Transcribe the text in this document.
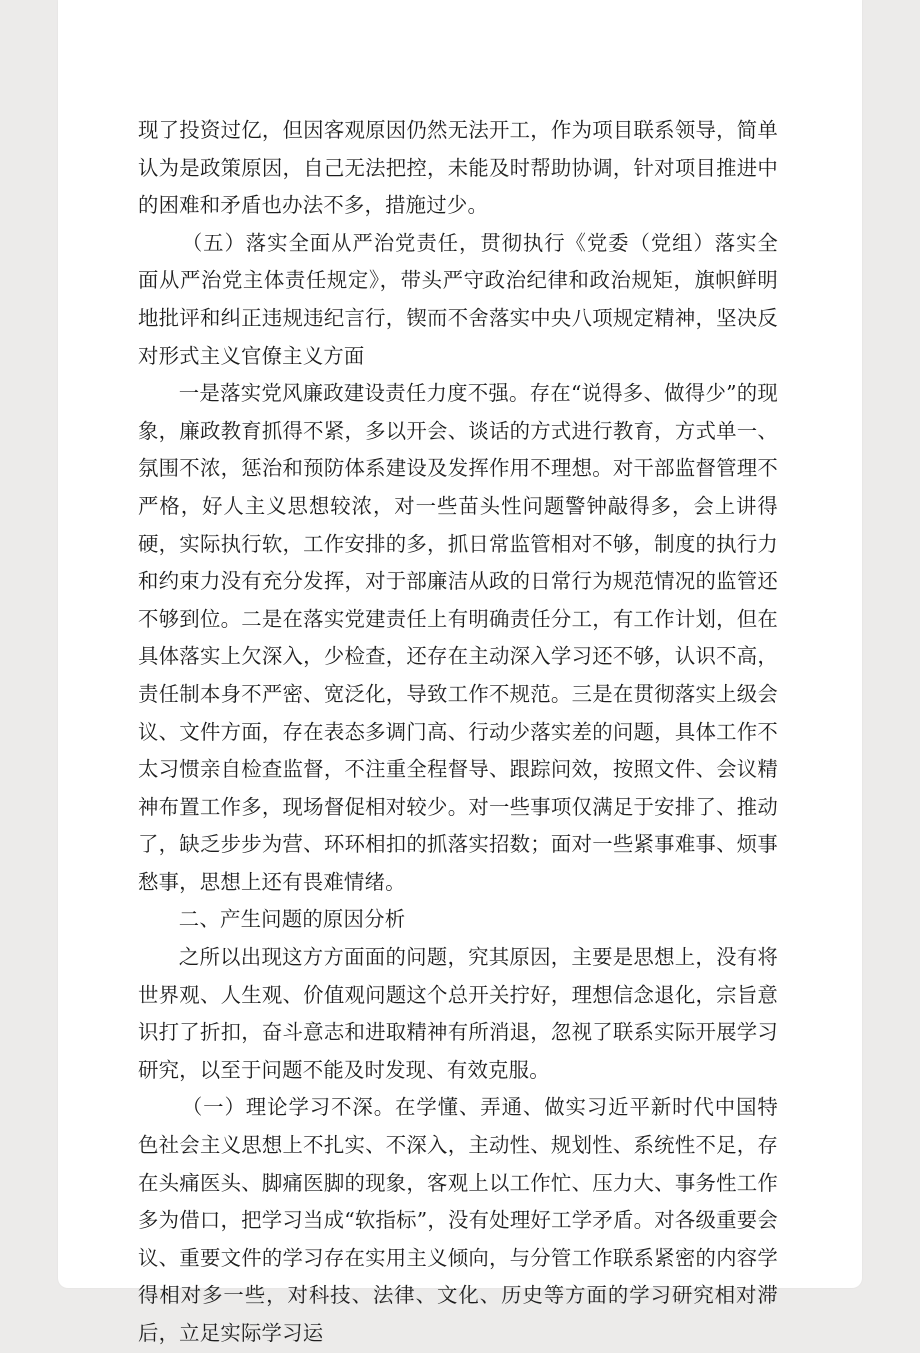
现了投资过亿，但因客观原因仍然无法开工，作为项目联系领导，简单认为是政策原因，自己无法把控，未能及时帮助协调，针对项目推进中的困难和矛盾也办法不多，措施过少。

（五）落实全面从严治党责任，贯彻执行《党委（党组）落实全面从严治党主体责任规定》，带头严守政治纪律和政治规矩，旗帜鲜明地批评和纠正违规违纪言行，锲而不舍落实中央八项规定精神，坚决反对形式主义官僚主义方面

一是落实党风廉政建设责任力度不强。存在“说得多、做得少”的现象，廉政教育抓得不紧，多以开会、谈话的方式进行教育，方式单一、氛围不浓，惩治和预防体系建设及发挥作用不理想。对干部监督管理不严格，好人主义思想较浓，对一些苗头性问题警钟敲得多，会上讲得硬，实际执行软，工作安排的多，抓日常监管相对不够，制度的执行力和约束力没有充分发挥，对于部廉洁从政的日常行为规范情况的监管还不够到位。二是在落实党建责任上有明确责任分工，有工作计划，但在具体落实上欠深入，少检查，还存在主动深入学习还不够，认识不高，责任制本身不严密、宽泛化，导致工作不规范。三是在贯彻落实上级会议、文件方面，存在表态多调门高、行动少落实差的问题，具体工作不太习惯亲自检查监督，不注重全程督导、跟踪问效，按照文件、会议精神布置工作多，现场督促相对较少。对一些事项仅满足于安排了、推动了，缺乏步步为营、环环相扣的抓落实招数；面对一些紧事难事、烦事愁事，思想上还有畏难情绪。

二、产生问题的原因分析

之所以出现这方方面面的问题，究其原因，主要是思想上，没有将世界观、人生观、价值观问题这个总开关拧好，理想信念退化，宗旨意识打了折扣，奋斗意志和进取精神有所消退，忽视了联系实际开展学习研究，以至于问题不能及时发现、有效克服。

（一）理论学习不深。在学懂、弄通、做实习近平新时代中国特色社会主义思想上不扎实、不深入，主动性、规划性、系统性不足，存在头痛医头、脚痛医脚的现象，客观上以工作忙、压力大、事务性工作多为借口，把学习当成“软指标”，没有处理好工学矛盾。对各级重要会议、重要文件的学习存在实用主义倾向，与分管工作联系紧密的内容学得相对多一些，对科技、法律、文化、历史等方面的学习研究相对滞后，立足实际学习运
